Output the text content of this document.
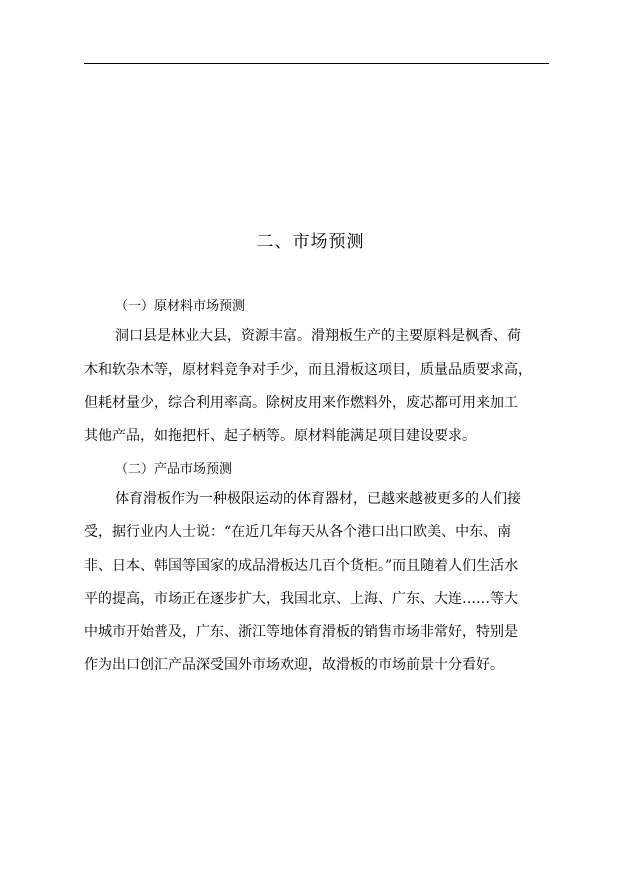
二、市场预测
（一）原材料市场预测

洞口县是林业大县，资源丰富。滑翔板生产的主要原料是枫香、荷

木和软杂木等，原材料竞争对手少，而且滑板这项目，质量品质要求高，

但耗材量少，综合利用率高。除树皮用来作燃料外，废芯都可用来加工

其他产品，如拖把杆、起子柄等。原材料能满足项目建设要求。

（二）产品市场预测

体育滑板作为一种极限运动的体育器材，已越来越被更多的人们接

受，据行业内人士说：“在近几年每天从各个港口出口欧美、中东、南

非、日本、韩国等国家的成品滑板达几百个货柜。”而且随着人们生活水

平的提高，市场正在逐步扩大，我国北京、上海、广东、大连……等大

中城市开始普及，广东、浙江等地体育滑板的销售市场非常好，特别是

作为出口创汇产品深受国外市场欢迎，故滑板的市场前景十分看好。
